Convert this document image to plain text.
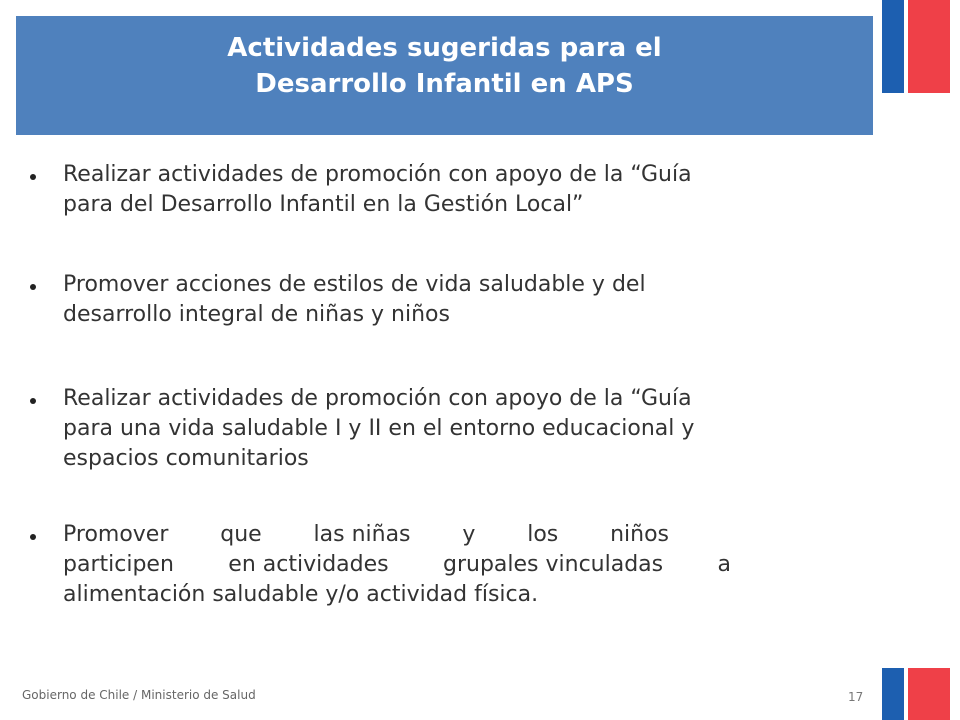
Actividades sugeridas para el
Desarrollo Infantil en APS
Realizar actividades de promoción con apoyo de la “Guía
para del Desarrollo Infantil en la Gestión Local”
Promover acciones de estilos de vida saludable y del
desarrollo integral de niñas y niños
Realizar actividades de promoción con apoyo de la “Guía
para una vida saludable I y II en el entorno educacional y
espacios comunitarios
Promover que las niñas y los niños
participen en actividades grupales vinculadas a
alimentación saludable y/o actividad física.
Gobierno de Chile / Ministerio de Salud	17
